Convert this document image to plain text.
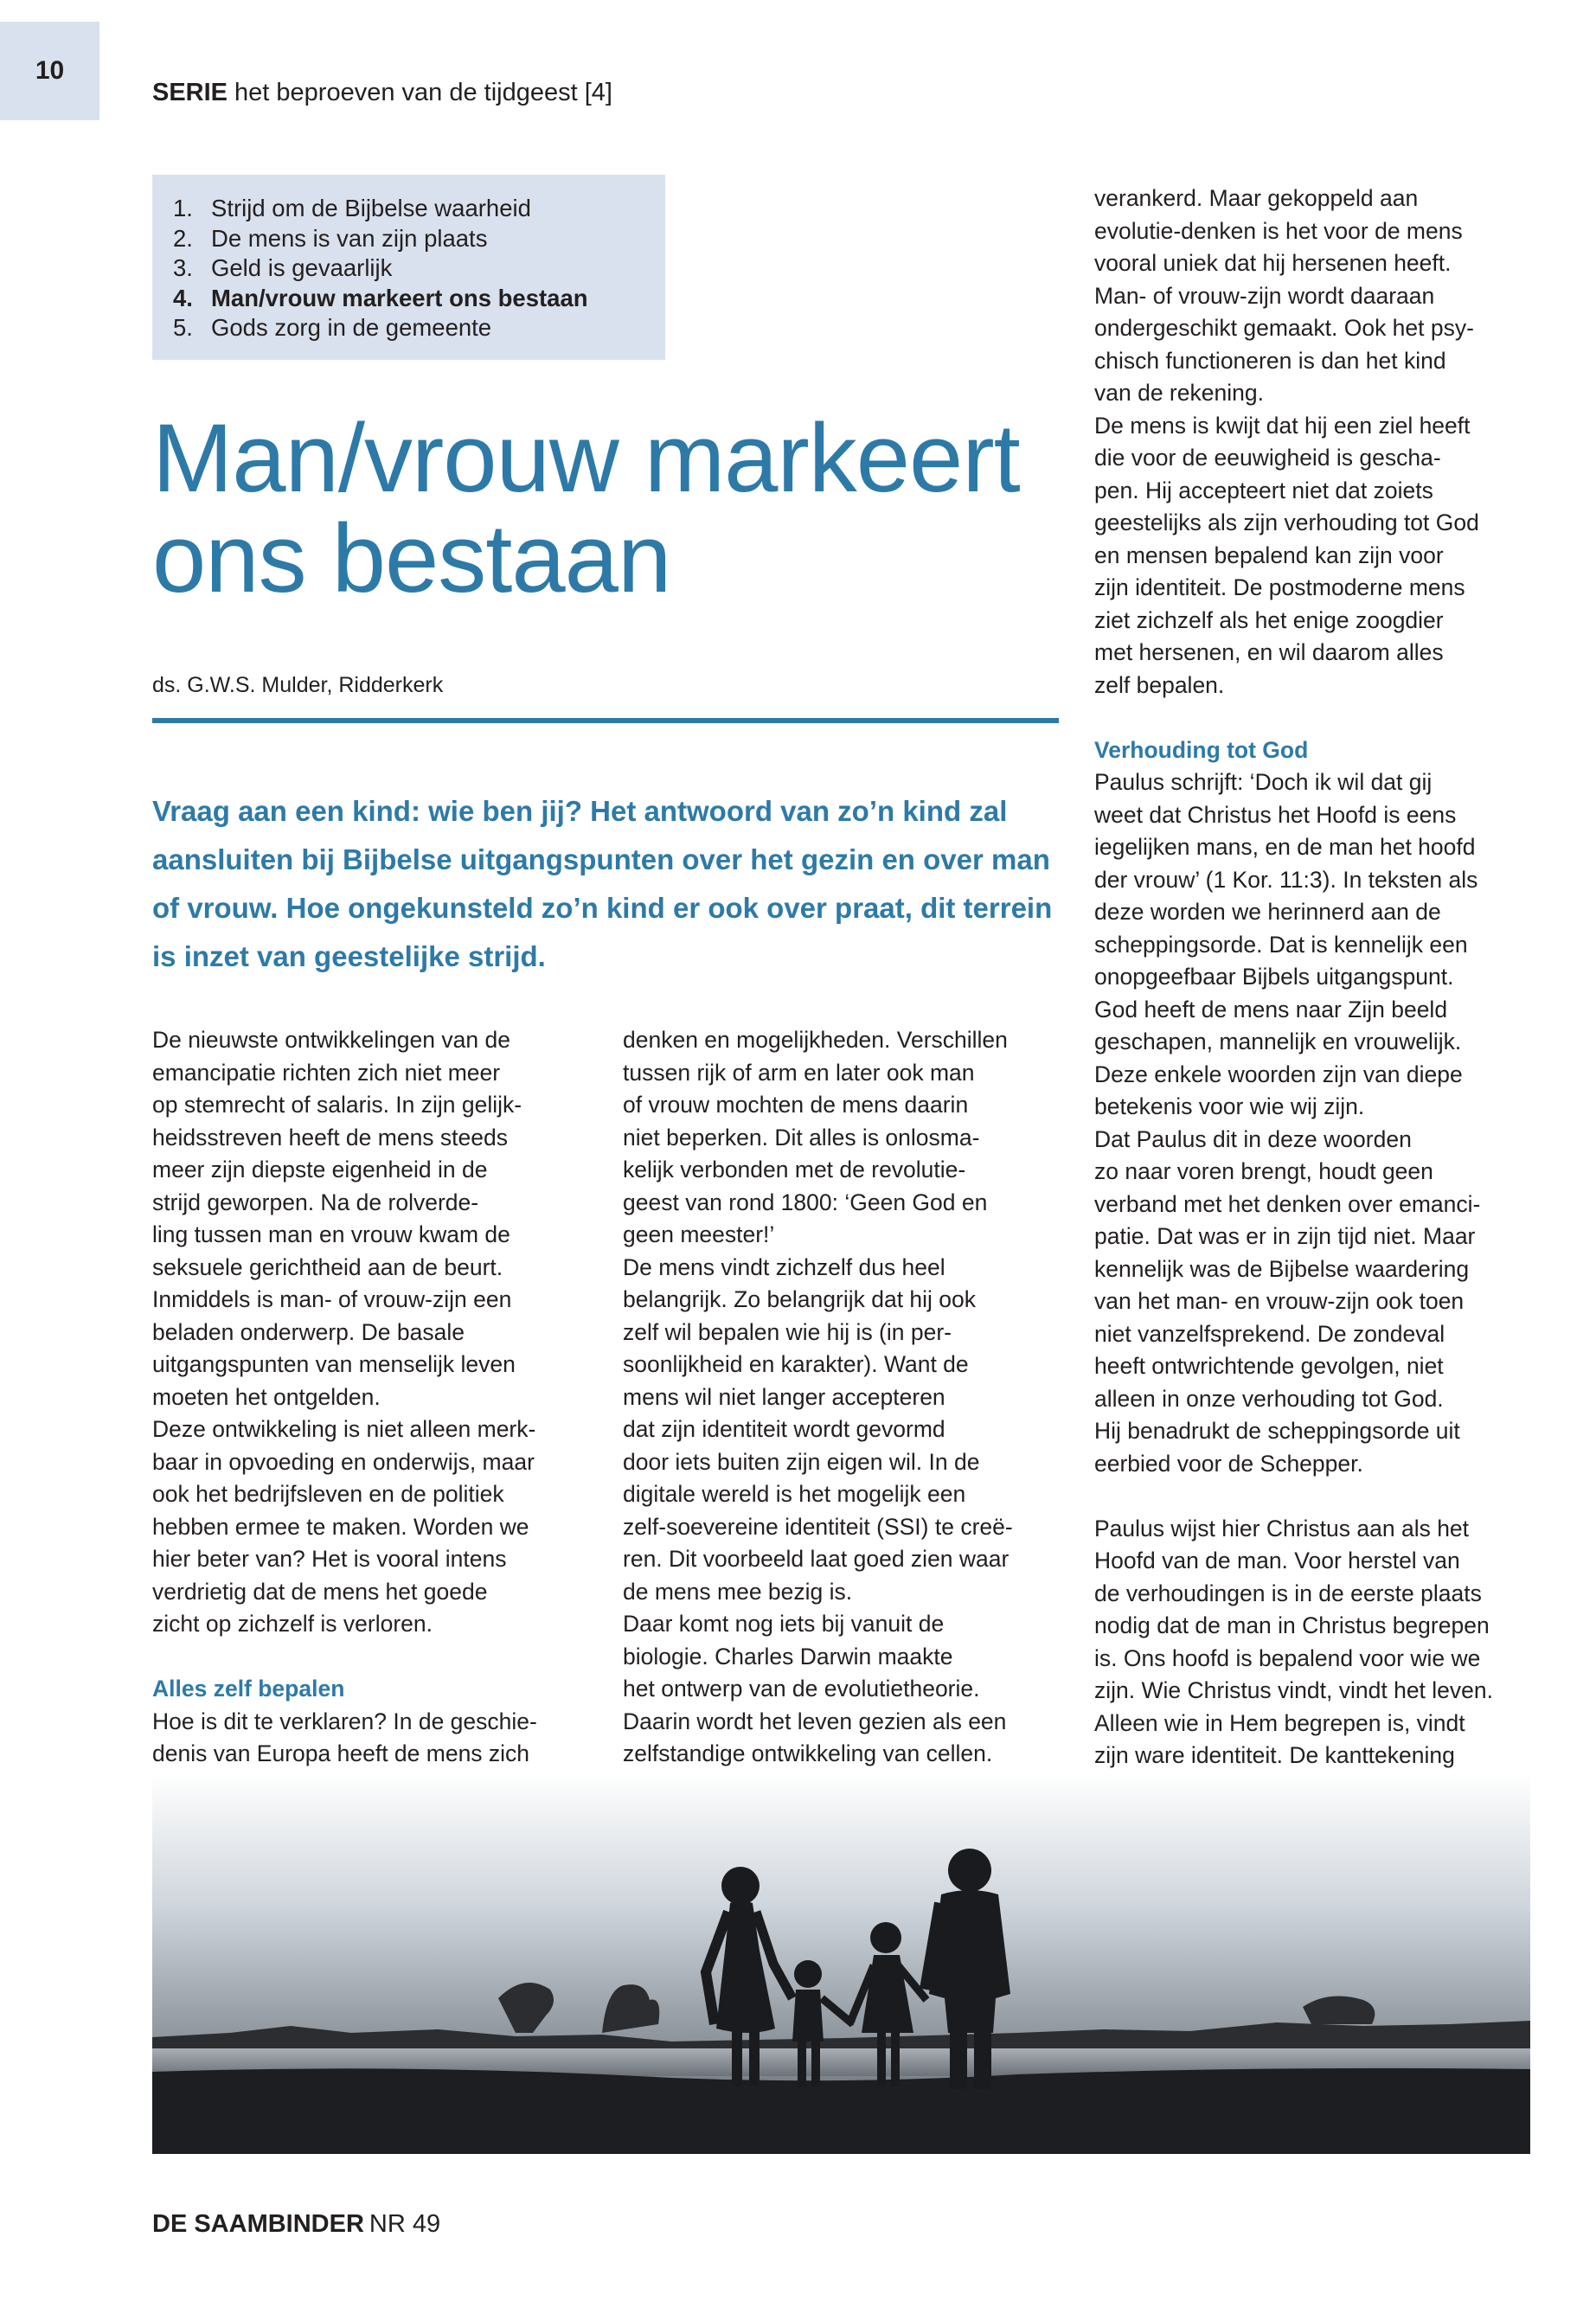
10
SERIE het beproeven van de tijdgeest [4]
1. Strijd om de Bijbelse waarheid
2. De mens is van zijn plaats
3. Geld is gevaarlijk
4. Man/vrouw markeert ons bestaan
5. Gods zorg in de gemeente
Man/vrouw markeert
ons bestaan
ds. G.W.S. Mulder, Ridderkerk
Vraag aan een kind: wie ben jij? Het antwoord van zo’n kind zal aansluiten bij Bijbelse uitgangspunten over het gezin en over man of vrouw. Hoe ongekunsteld zo’n kind er ook over praat, dit terrein is inzet van geestelijke strijd.

De nieuwste ontwikkelingen van de

emancipatie richten zich niet meer

op stemrecht of salaris. In zijn gelijk-

heidsstreven heeft de mens steeds

meer zijn diepste eigenheid in de

strijd geworpen. Na de rolverde-

ling tussen man en vrouw kwam de

seksuele gerichtheid aan de beurt.

Inmiddels is man- of vrouw-zijn een

beladen onderwerp. De basale

uitgangspunten van menselijk leven

moeten het ontgelden.

Deze ontwikkeling is niet alleen merk-

baar in opvoeding en onderwijs, maar

ook het bedrijfsleven en de politiek

hebben ermee te maken. Worden we

hier beter van? Het is vooral intens

verdrietig dat de mens het goede

zicht op zichzelf is verloren.

Alles zelf bepalen

Hoe is dit te verklaren? In de geschie-

denis van Europa heeft de mens zich

denken en mogelijkheden. Verschillen

tussen rijk of arm en later ook man

of vrouw mochten de mens daarin

niet beperken. Dit alles is onlosma-

kelijk verbonden met de revolutie-

geest van rond 1800: ‘Geen God en

geen meester!’

De mens vindt zichzelf dus heel

belangrijk. Zo belangrijk dat hij ook

zelf wil bepalen wie hij is (in per-

soonlijkheid en karakter). Want de

mens wil niet langer accepteren

dat zijn identiteit wordt gevormd

door iets buiten zijn eigen wil. In de

digitale wereld is het mogelijk een

zelf-soevereine identiteit (SSI) te creë-

ren. Dit voorbeeld laat goed zien waar

de mens mee bezig is.

Daar komt nog iets bij vanuit de

biologie. Charles Darwin maakte

het ontwerp van de evolutietheorie.

Daarin wordt het leven gezien als een

zelfstandige ontwikkeling van cellen.

verankerd. Maar gekoppeld aan

evolutie-denken is het voor de mens

vooral uniek dat hij hersenen heeft.

Man- of vrouw-zijn wordt daaraan

ondergeschikt gemaakt. Ook het psy-

chisch functioneren is dan het kind

van de rekening.

De mens is kwijt dat hij een ziel heeft

die voor de eeuwigheid is geschа-

pen. Hij accepteert niet dat zoiets

geestelijks als zijn verhouding tot God

en mensen bepalend kan zijn voor

zijn identiteit. De postmoderne mens

ziet zichzelf als het enige zoogdier

met hersenen, en wil daarom alles

zelf bepalen.

Verhouding tot God

Paulus schrijft: ‘Doch ik wil dat gij

weet dat Christus het Hoofd is eens

iegelijken mans, en de man het hoofd

der vrouw’ (1 Kor. 11:3). In teksten als

deze worden we herinnerd aan de

scheppingsorde. Dat is kennelijk een

onopgeefbaar Bijbels uitgangspunt.

God heeft de mens naar Zijn beeld

geschapen, mannelijk en vrouwelijk.

Deze enkele woorden zijn van diepe

betekenis voor wie wij zijn.

Dat Paulus dit in deze woorden

zo naar voren brengt, houdt geen

verband met het denken over emanci-

patie. Dat was er in zijn tijd niet. Maar

kennelijk was de Bijbelse waardering

van het man- en vrouw-zijn ook toen

niet vanzelfsprekend. De zondeval

heeft ontwrichtende gevolgen, niet

alleen in onze verhouding tot God.

Hij benadrukt de scheppingsorde uit

eerbied voor de Schepper.

Paulus wijst hier Christus aan als het

Hoofd van de man. Voor herstel van

de verhoudingen is in de eerste plaats

nodig dat de man in Christus begrepen

is. Ons hoofd is bepalend voor wie we

zijn. Wie Christus vindt, vindt het leven.

Alleen wie in Hem begrepen is, vindt

zijn ware identiteit. De kanttekening

DE SAAMBINDER NR 49
